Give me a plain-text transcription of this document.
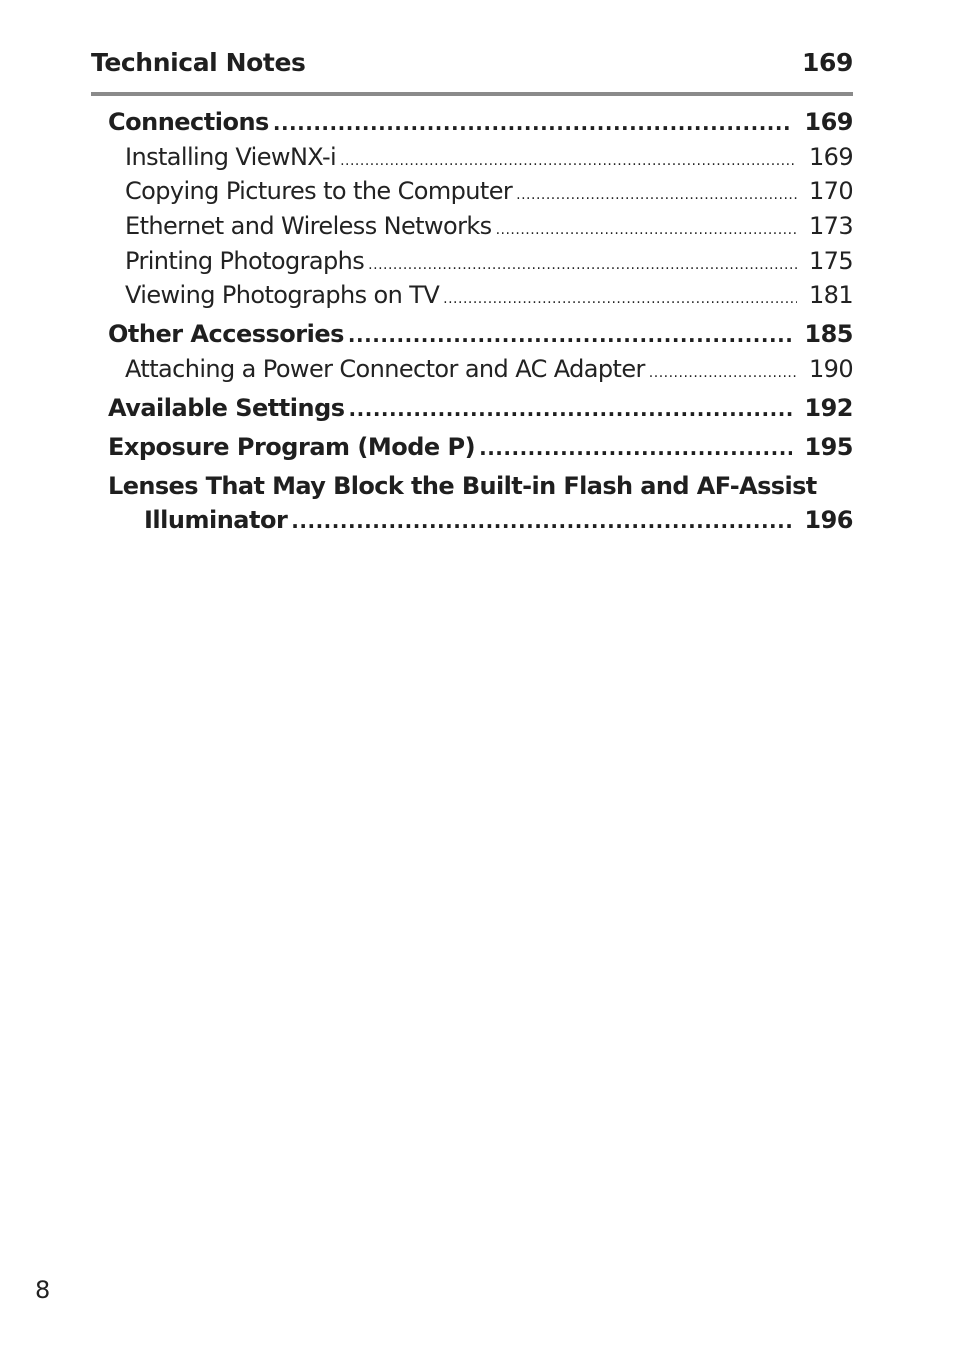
Technical Notes	169
Connections .....	169
Installing ViewNX-i .....	169
Copying Pictures to the Computer .....	170
Ethernet and Wireless Networks .....	173
Printing Photographs .....	175
Viewing Photographs on TV .....	181
Other Accessories .....	185
Attaching a Power Connector and AC Adapter .....	190
Available Settings .....	192
Exposure Program (Mode P) .....	195
Lenses That May Block the Built-in Flash and AF-Assist
Illuminator .....	196
8
